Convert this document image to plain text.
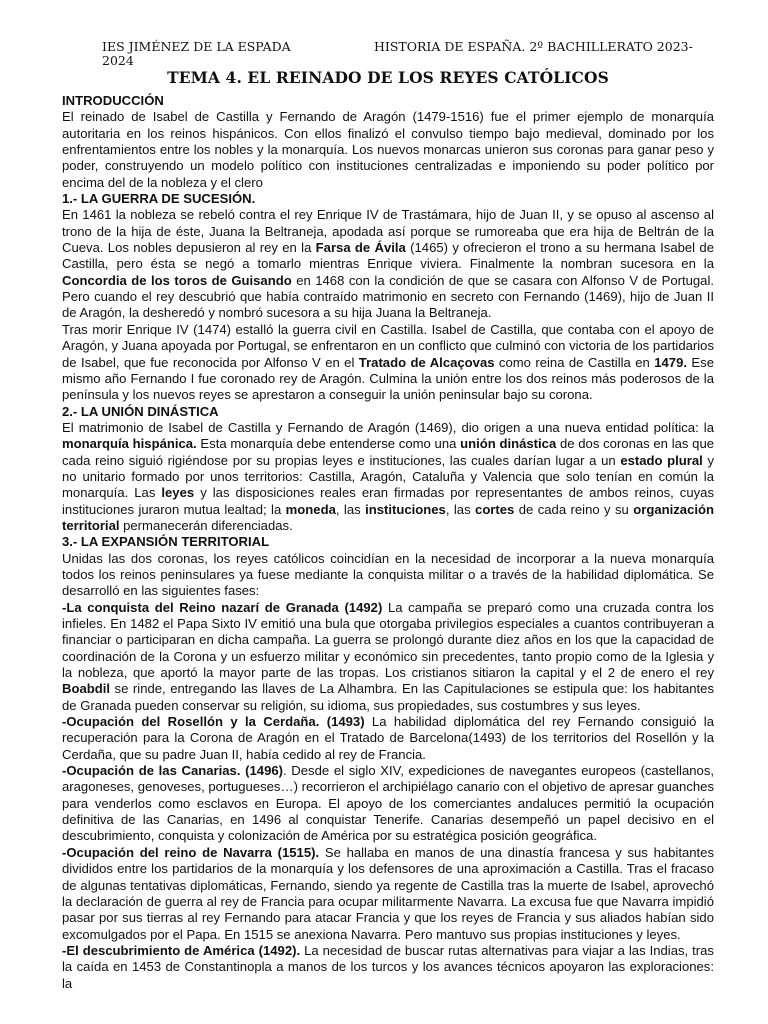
IES JIMÉNEZ DE LA ESPADA	HISTORIA DE ESPAÑA. 2º BACHILLERATO 2023-
2024
TEMA 4. EL REINADO DE LOS REYES CATÓLICOS

INTRODUCCIÓN

El reinado de Isabel de Castilla y Fernando de Aragón (1479-1516) fue el primer ejemplo de monarquía autoritaria en los reinos hispánicos. Con ellos finalizó el convulso tiempo bajo medieval, dominado por los enfrentamientos entre los nobles y la monarquía. Los nuevos monarcas unieron sus coronas para ganar peso y poder, construyendo un modelo político con instituciones centralizadas e imponiendo su poder político por encima del de la nobleza y el clero

1.- LA GUERRA DE SUCESIÓN.

En 1461 la nobleza se rebeló contra el rey Enrique IV de Trastámara, hijo de Juan II, y se opuso al ascenso al trono de la hija de éste, Juana la Beltraneja, apodada así porque se rumoreaba que era hija de Beltrán de la Cueva. Los nobles depusieron al rey en la Farsa de Ávila (1465) y ofrecieron el trono a su hermana Isabel de Castilla, pero ésta se negó a tomarlo mientras Enrique viviera. Finalmente la nombran sucesora en la Concordia de los toros de Guisando en 1468 con la condición de que se casara con Alfonso V de Portugal. Pero cuando el rey descubrió que había contraído matrimonio en secreto con Fernando (1469), hijo de Juan II de Aragón, la desheredó y nombró sucesora a su hija Juana la Beltraneja.

Tras morir Enrique IV (1474) estalló la guerra civil en Castilla. Isabel de Castilla, que contaba con el apoyo de Aragón, y Juana apoyada por Portugal, se enfrentaron en un conflicto que culminó con victoria de los partidarios de Isabel, que fue reconocida por Alfonso V en el Tratado de Alcaçovas como reina de Castilla en 1479. Ese mismo año Fernando I fue coronado rey de Aragón. Culmina la unión entre los dos reinos más poderosos de la península y los nuevos reyes se aprestaron a conseguir la unión peninsular bajo su corona.

2.- LA UNIÓN DINÁSTICA

El matrimonio de Isabel de Castilla y Fernando de Aragón (1469), dio origen a una nueva entidad política: la monarquía hispánica. Esta monarquía debe entenderse como una unión dinástica de dos coronas en las que cada reino siguió rigiéndose por su propias leyes e instituciones, las cuales darían lugar a un estado plural y no unitario formado por unos territorios: Castilla, Aragón, Cataluña y Valencia que solo tenían en común la monarquía. Las leyes y las disposiciones reales eran firmadas por representantes de ambos reinos, cuyas instituciones juraron mutua lealtad; la moneda, las instituciones, las cortes de cada reino y su organización territorial permanecerán diferenciadas.

3.- LA EXPANSIÓN TERRITORIAL

Unidas las dos coronas, los reyes católicos coincidían en la necesidad de incorporar a la nueva monarquía todos los reinos peninsulares ya fuese mediante la conquista militar o a través de la habilidad diplomática. Se desarrolló en las siguientes fases:

-La conquista del Reino nazarí de Granada (1492) La campaña se preparó como una cruzada contra los infieles. En 1482 el Papa Sixto IV emitió una bula que otorgaba privilegios especiales a cuantos contribuyeran a financiar o participaran en dicha campaña. La guerra se prolongó durante diez años en los que la capacidad de coordinación de la Corona y un esfuerzo militar y económico sin precedentes, tanto propio como de la Iglesia y la nobleza, que aportó la mayor parte de las tropas. Los cristianos sitiaron la capital y el 2 de enero el rey Boabdil se rinde, entregando las llaves de La Alhambra. En las Capitulaciones se estipula que: los habitantes de Granada pueden conservar su religión, su idioma, sus propiedades, sus costumbres y sus leyes.

-Ocupación del Rosellón y la Cerdaña. (1493) La habilidad diplomática del rey Fernando consiguió la recuperación para la Corona de Aragón en el Tratado de Barcelona(1493) de los territorios del Rosellón y la Cerdaña, que su padre Juan II, había cedido al rey de Francia.

-Ocupación de las Canarias. (1496). Desde el siglo XIV, expediciones de navegantes europeos (castellanos, aragoneses, genoveses, portugueses…) recorrieron el archipiélago canario con el objetivo de apresar guanches para venderlos como esclavos en Europa. El apoyo de los comerciantes andaluces permitió la ocupación definitiva de las Canarias, en 1496 al conquistar Tenerife. Canarias desempeñó un papel decisivo en el descubrimiento, conquista y colonización de América por su estratégica posición geográfica.

-Ocupación del reino de Navarra (1515). Se hallaba en manos de una dinastía francesa y sus habitantes divididos entre los partidarios de la monarquía y los defensores de una aproximación a Castilla. Tras el fracaso de algunas tentativas diplomáticas, Fernando, siendo ya regente de Castilla tras la muerte de Isabel, aprovechó la declaración de guerra al rey de Francia para ocupar militarmente Navarra. La excusa fue que Navarra impidió pasar por sus tierras al rey Fernando para atacar Francia y que los reyes de Francia y sus aliados habían sido excomulgados por el Papa. En 1515 se anexiona Navarra. Pero mantuvo sus propias instituciones y leyes.

-El descubrimiento de América (1492). La necesidad de buscar rutas alternativas para viajar a las Indias, tras la caída en 1453 de Constantinopla a manos de los turcos y los avances técnicos apoyaron las exploraciones: la
